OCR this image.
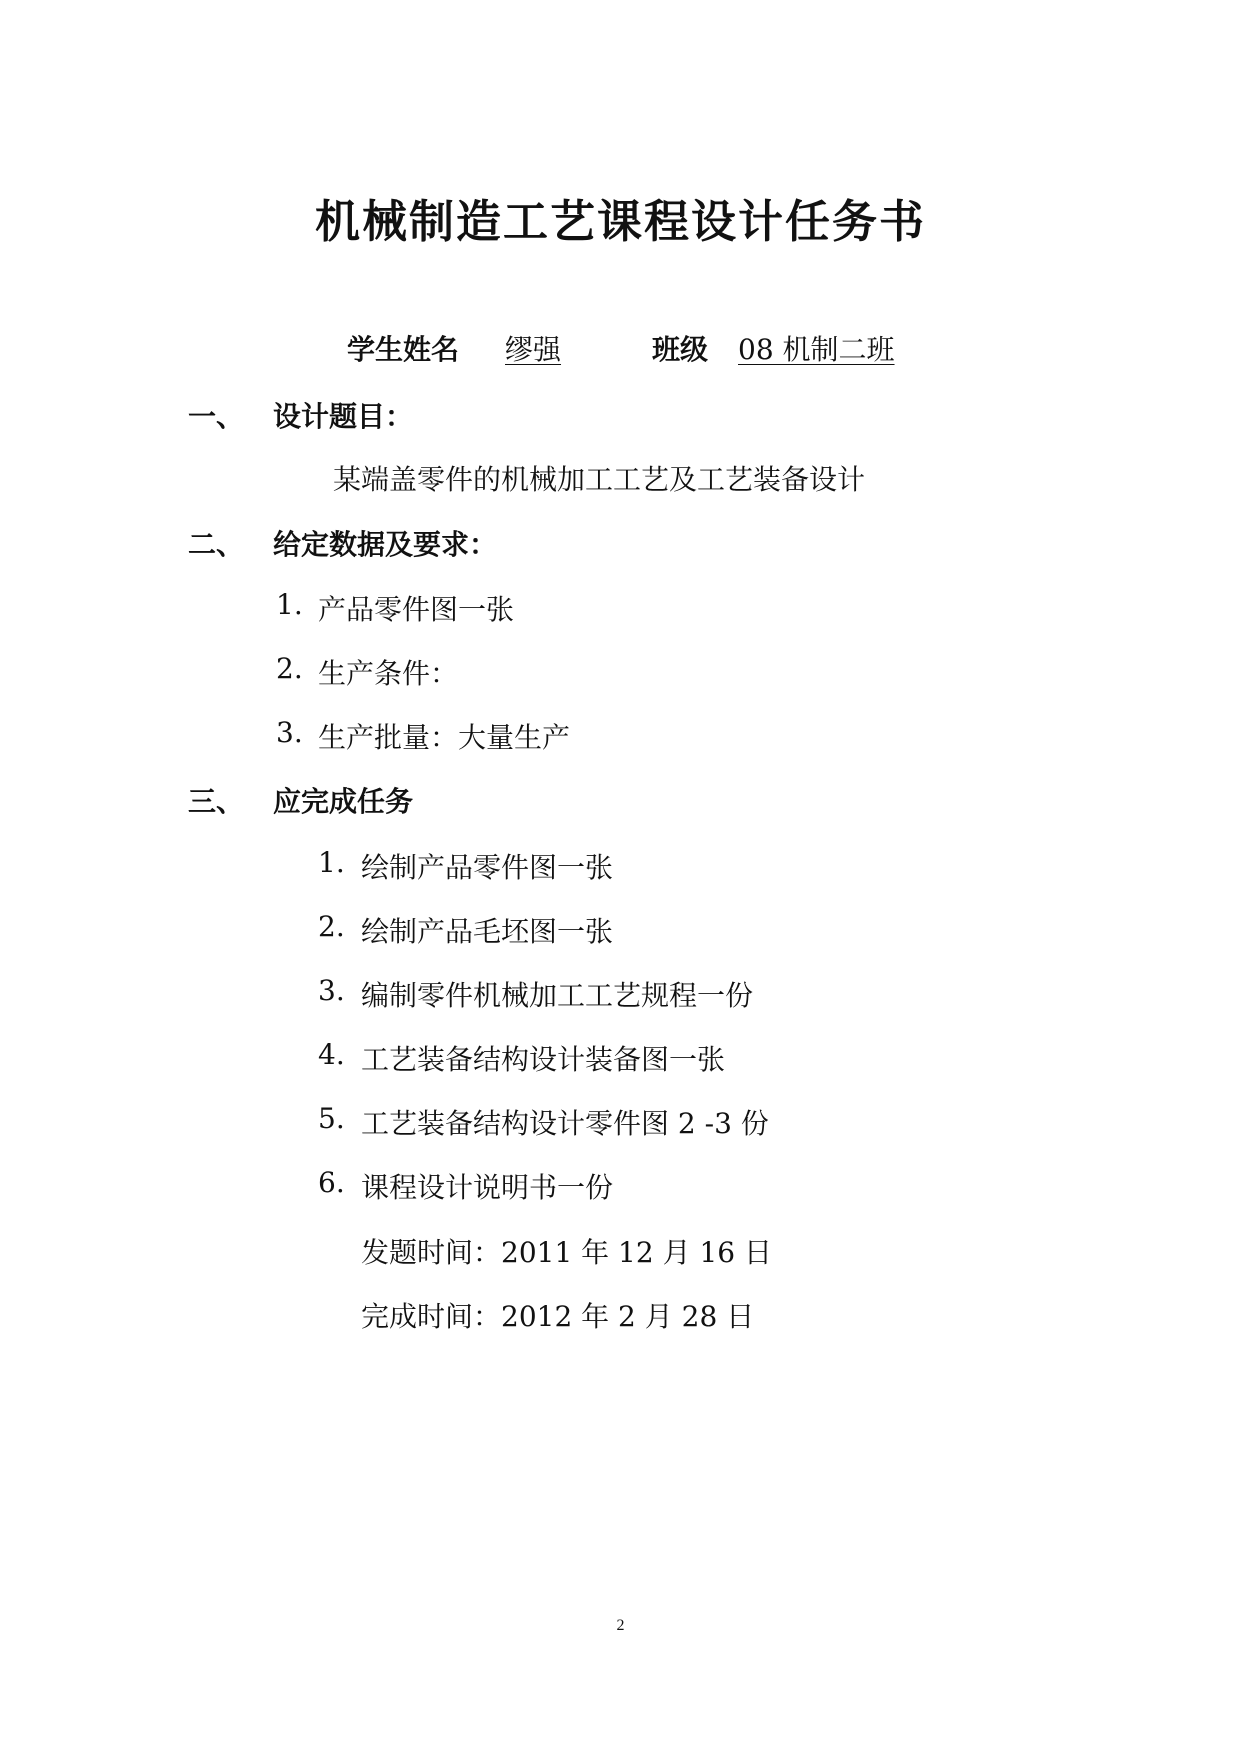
机械制造工艺课程设计任务书
学生姓名 缪强	班级 08 机制二班
一、 设计题目：
某端盖零件的机械加工工艺及工艺装备设计
二、 给定数据及要求：
1. 产品零件图一张
2. 生产条件：
3. 生产批量：大量生产
三、 应完成任务
1. 绘制产品零件图一张
2. 绘制产品毛坯图一张
3. 编制零件机械加工工艺规程一份
4. 工艺装备结构设计装备图一张
5. 工艺装备结构设计零件图 2 -3 份
6. 课程设计说明书一份
发题时间：2011 年 12 月 16 日
完成时间：2012 年 2 月 28 日
2
